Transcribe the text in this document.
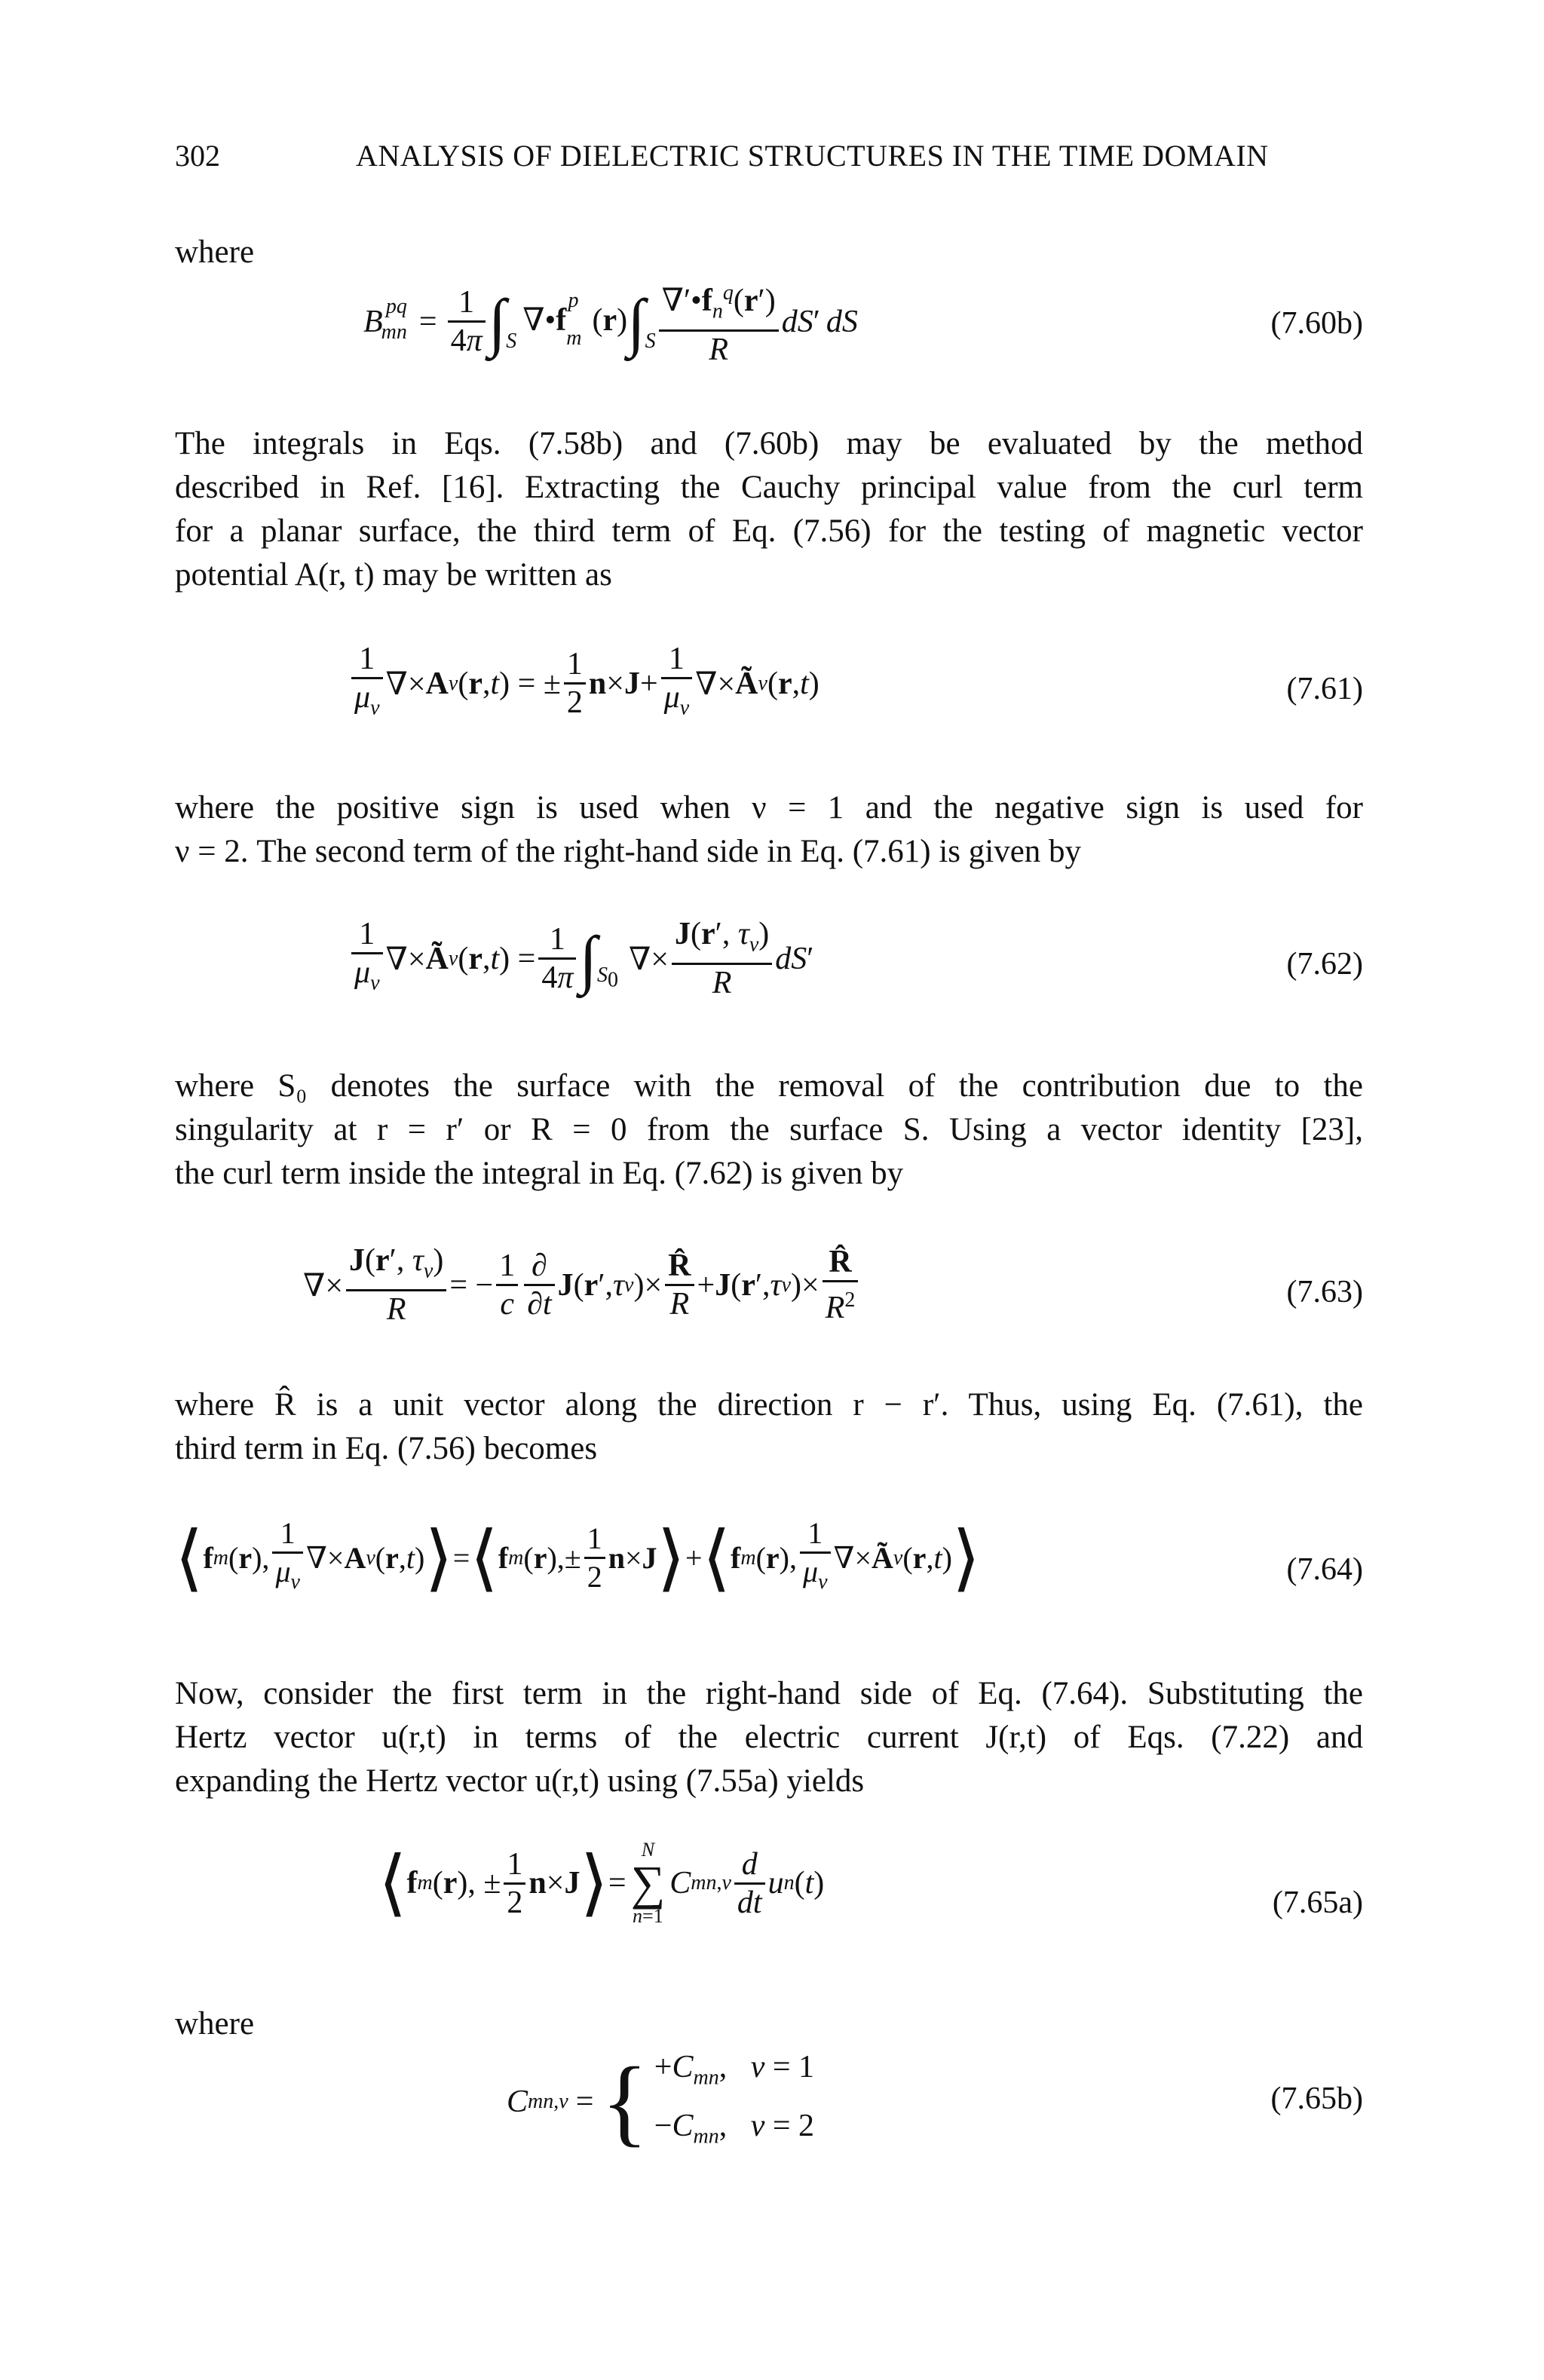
302	ANALYSIS OF DIELECTRIC STRUCTURES IN THE TIME DOMAIN
where
B
$_{mn}$
$^{pq} = \frac{1}{4\pi}$ ∫ $_S$
$\nabla•f_m^p(r)$ ∫ $_S \frac{\nabla'•f_n^q(r')}{R}$ dS ′ dS	(7.60b)
The integrals in Eqs. (7.58b) and (7.60b) may be evaluated by the method
described in Ref. [16]. Extracting the Cauchy principal value from the curl term
for a planar surface, the third term of Eq. (7.56) for the testing of magnetic vector
potential A(r, t) may be written as
$\frac{1}{\mu_\nu}$ ∇× A ν ( r , t ) = ± $\frac{1}{2}$ $n \times J + \frac{1}{\mu_\nu}$ ∇× Ã ν ( r , t )	(7.61)
where the positive sign is used when ν = 1 and the negative sign is used for
ν = 2. The second term of the right-hand side in Eq. (7.61) is given by
$\frac{1}{\mu_\nu}$ ∇× Ã ν ( r , t ) = $\frac{1}{4\pi}$ ∫ $_{S_0}$
∇× $\frac{J(r', \tau_\nu)}{R}$ dS ′	(7.62)
where S₀ denotes the surface with the removal of the contribution due to the
singularity at r = r′ or R = 0 from the surface S. Using a vector identity [23],
the curl term inside the integral in Eq. (7.62) is given by
∇× $\frac{J(r', \tau_\nu)}{R}$ = − $\frac{1}{c} \frac{\partial}{\partial t}$ J ( r ′, τ ν )× $\frac{R̂}{R} + J$ ( r ′, τ ν )× $\frac{R̂}{R^2}$	(7.63)
where R̂ is a unit vector along the direction r − r′. Thus, using Eq. (7.61), the
third term in Eq. (7.56) becomes
⟨ f m ( r ), $\frac{1}{\mu_\nu}$ ∇× A ν ( r , t ) ⟩ = ⟨ f m ( r ),± $\frac{1}{2}$ n × J ⟩ + ⟨ f m ( r ), $\frac{1}{\mu_\nu}$ ∇× Ã ν ( r , t ) ⟩	(7.64)
Now, consider the first term in the right-hand side of Eq. (7.64). Substituting the
Hertz vector u(r,t) in terms of the electric current J(r,t) of Eqs. (7.22) and
expanding the Hertz vector u(r,t) using (7.55a) yields
⟨ f m ( r ), ± $\frac{1}{2}$ n × J ⟩ =
N
∑
n=1
C $mn,\nu \frac{d}{dt}$ u n ( t )
(7.65a)
where
C mn,ν = { $+C_{mn}$,   ν = 1
$-C_{mn}$,   ν = 2
(7.65b)
